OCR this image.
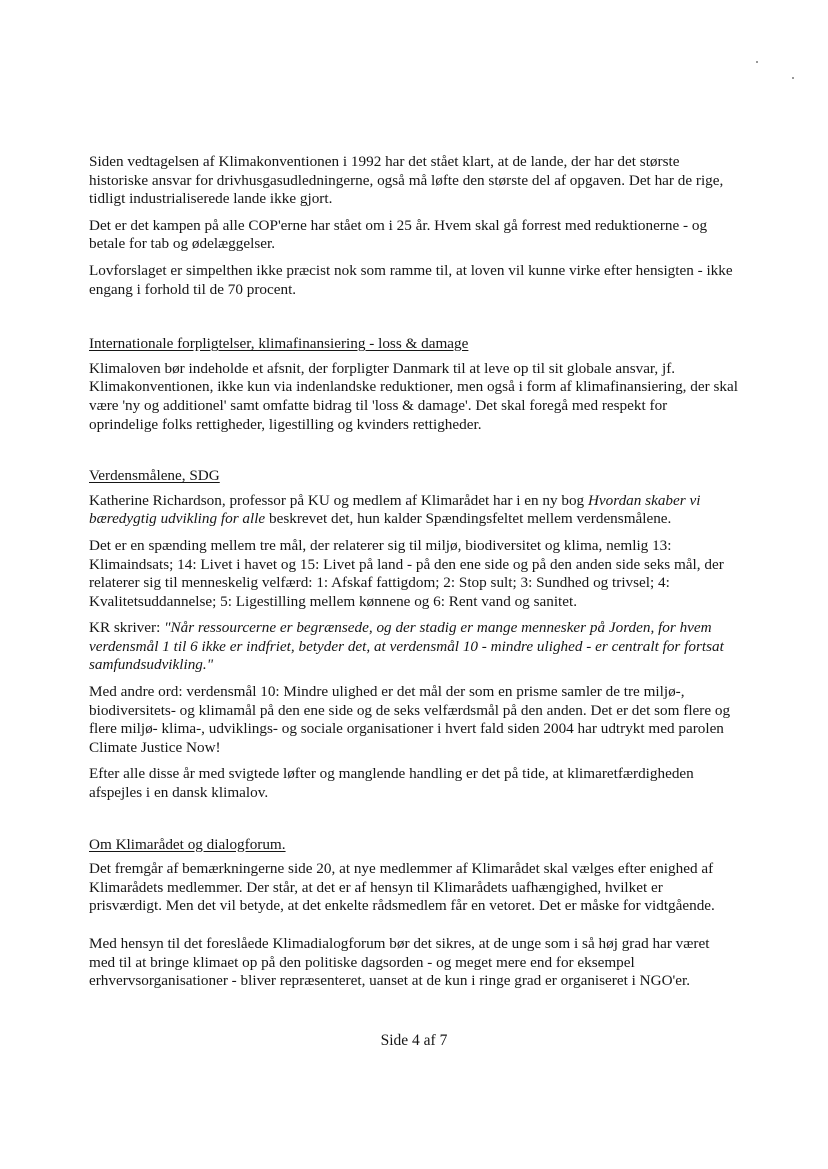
Siden vedtagelsen af Klimakonventionen i 1992 har det stået klart, at de lande, der har det største historiske ansvar for drivhusgasudledningerne, også må løfte den største del af opgaven. Det har de rige, tidligt industrialiserede lande ikke gjort.

Det er det kampen på alle COP'erne har stået om i 25 år. Hvem skal gå forrest med reduktionerne - og betale for tab og ødelæggelser.

Lovforslaget er simpelthen ikke præcist nok som ramme til, at loven vil kunne virke efter hensigten - ikke engang i forhold til de 70 procent.

Internationale forpligtelser, klimafinansiering - loss & damage

Klimaloven bør indeholde et afsnit, der forpligter Danmark til at leve op til sit globale ansvar, jf. Klimakonventionen, ikke kun via indenlandske reduktioner, men også i form af klimafinansiering, der skal være 'ny og additionel' samt omfatte bidrag til 'loss & damage'. Det skal foregå med respekt for oprindelige folks rettigheder, ligestilling og kvinders rettigheder.

Verdensmålene, SDG

Katherine Richardson, professor på KU og medlem af Klimarådet har i en ny bog Hvordan skaber vi bæredygtig udvikling for alle beskrevet det, hun kalder Spændingsfeltet mellem verdensmålene.

Det er en spænding mellem tre mål, der relaterer sig til miljø, biodiversitet og klima, nemlig 13: Klimaindsats; 14: Livet i havet og 15: Livet på land - på den ene side og på den anden side seks mål, der relaterer sig til menneskelig velfærd: 1: Afskaf fattigdom; 2: Stop sult; 3: Sundhed og trivsel; 4: Kvalitetsuddannelse; 5: Ligestilling mellem kønnene og 6: Rent vand og sanitet.

KR skriver: "Når ressourcerne er begrænsede, og der stadig er mange mennesker på Jorden, for hvem verdensmål 1 til 6 ikke er indfriet, betyder det, at verdensmål 10 - mindre ulighed - er centralt for fortsat samfundsudvikling."

Med andre ord: verdensmål 10: Mindre ulighed er det mål der som en prisme samler de tre miljø-, biodiversitets- og klimamål på den ene side og de seks velfærdsmål på den anden. Det er det som flere og flere miljø- klima-, udviklings- og sociale organisationer i hvert fald siden 2004 har udtrykt med parolen Climate Justice Now!

Efter alle disse år med svigtede løfter og manglende handling er det på tide, at klimaretfærdigheden afspejles i en dansk klimalov.

Om Klimarådet og dialogforum.

Det fremgår af bemærkningerne side 20, at nye medlemmer af Klimarådet skal vælges efter enighed af Klimarådets medlemmer. Der står, at det er af hensyn til Klimarådets uafhængighed, hvilket er prisværdigt. Men det vil betyde, at det enkelte rådsmedlem får en vetoret. Det er måske for vidtgående.

Med hensyn til det foreslåede Klimadialogforum bør det sikres, at de unge som i så høj grad har været med til at bringe klimaet op på den politiske dagsorden - og meget mere end for eksempel erhvervsorganisationer - bliver repræsenteret, uanset at de kun i ringe grad er organiseret i NGO'er.

Side 4 af 7
